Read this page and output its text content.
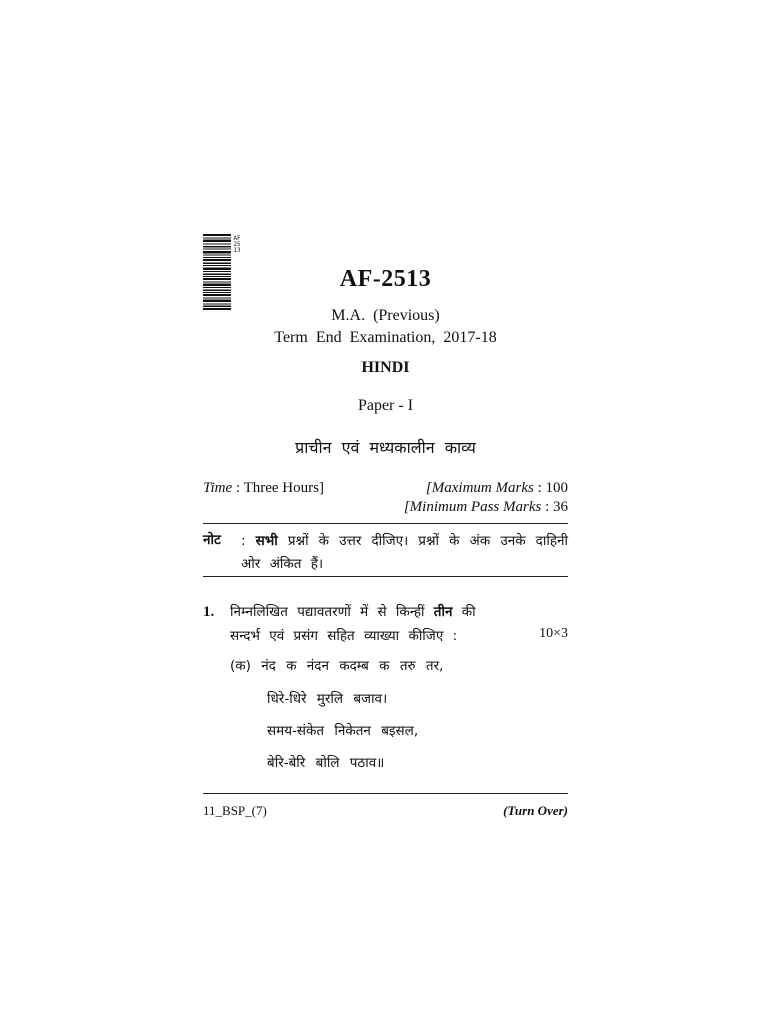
AF2513
AF-2513
M.A. (Previous)
Term End Examination, 2017-18
HINDI
Paper - I
प्राचीन एवं मध्यकालीन काव्य
Time : Three Hours]	[Maximum Marks : 100
[Minimum Pass Marks : 36
नोट : सभी प्रश्नों के उत्तर दीजिए। प्रश्नों के अंक उनके दाहिनी ओर अंकित हैं।
1. निम्नलिखित पद्यावतरणों में से किन्हीं तीन की
सन्दर्भ एवं प्रसंग सहित व्याख्या कीजिए :	10×3
(क) नंद क नंदन कदम्ब क तरु तर,
धिरे-धिरे मुरलि बजाव।
समय-संकेत निकेतन बइसल,
बेरि-बेरि बोलि पठाव॥
11_BSP_(7)	(Turn Over)
